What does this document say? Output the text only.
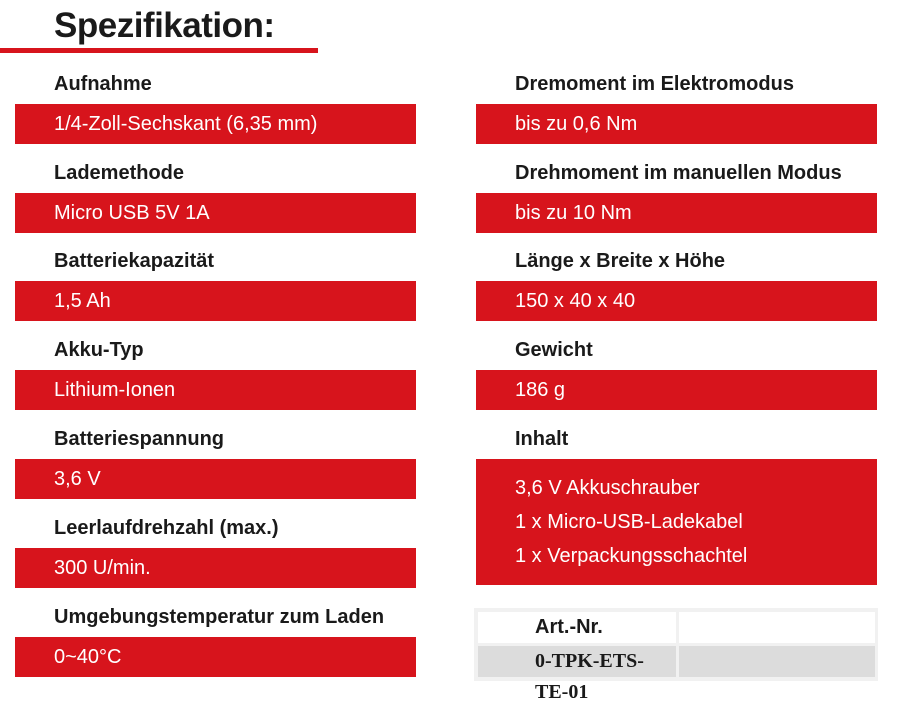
Spezifikation:
Aufnahme
1/4-Zoll-Sechskant (6,35 mm)
Lademethode
Micro USB 5V 1A
Batteriekapazität
1,5 Ah
Akku-Typ
Lithium-Ionen
Batteriespannung
3,6 V
Leerlaufdrehzahl (max.)
300 U/min.
Umgebungstemperatur zum Laden
0~40°C
Dremoment im Elektromodus
bis zu 0,6 Nm
Drehmoment im manuellen Modus
bis zu 10 Nm
Länge x Breite x Höhe
150 x 40 x 40
Gewicht
186 g
Inhalt
3,6 V Akkuschrauber
1 x Micro-USB-Ladekabel
1 x Verpackungsschachtel
Art.-Nr.
0-TPK-ETS-TE-01
